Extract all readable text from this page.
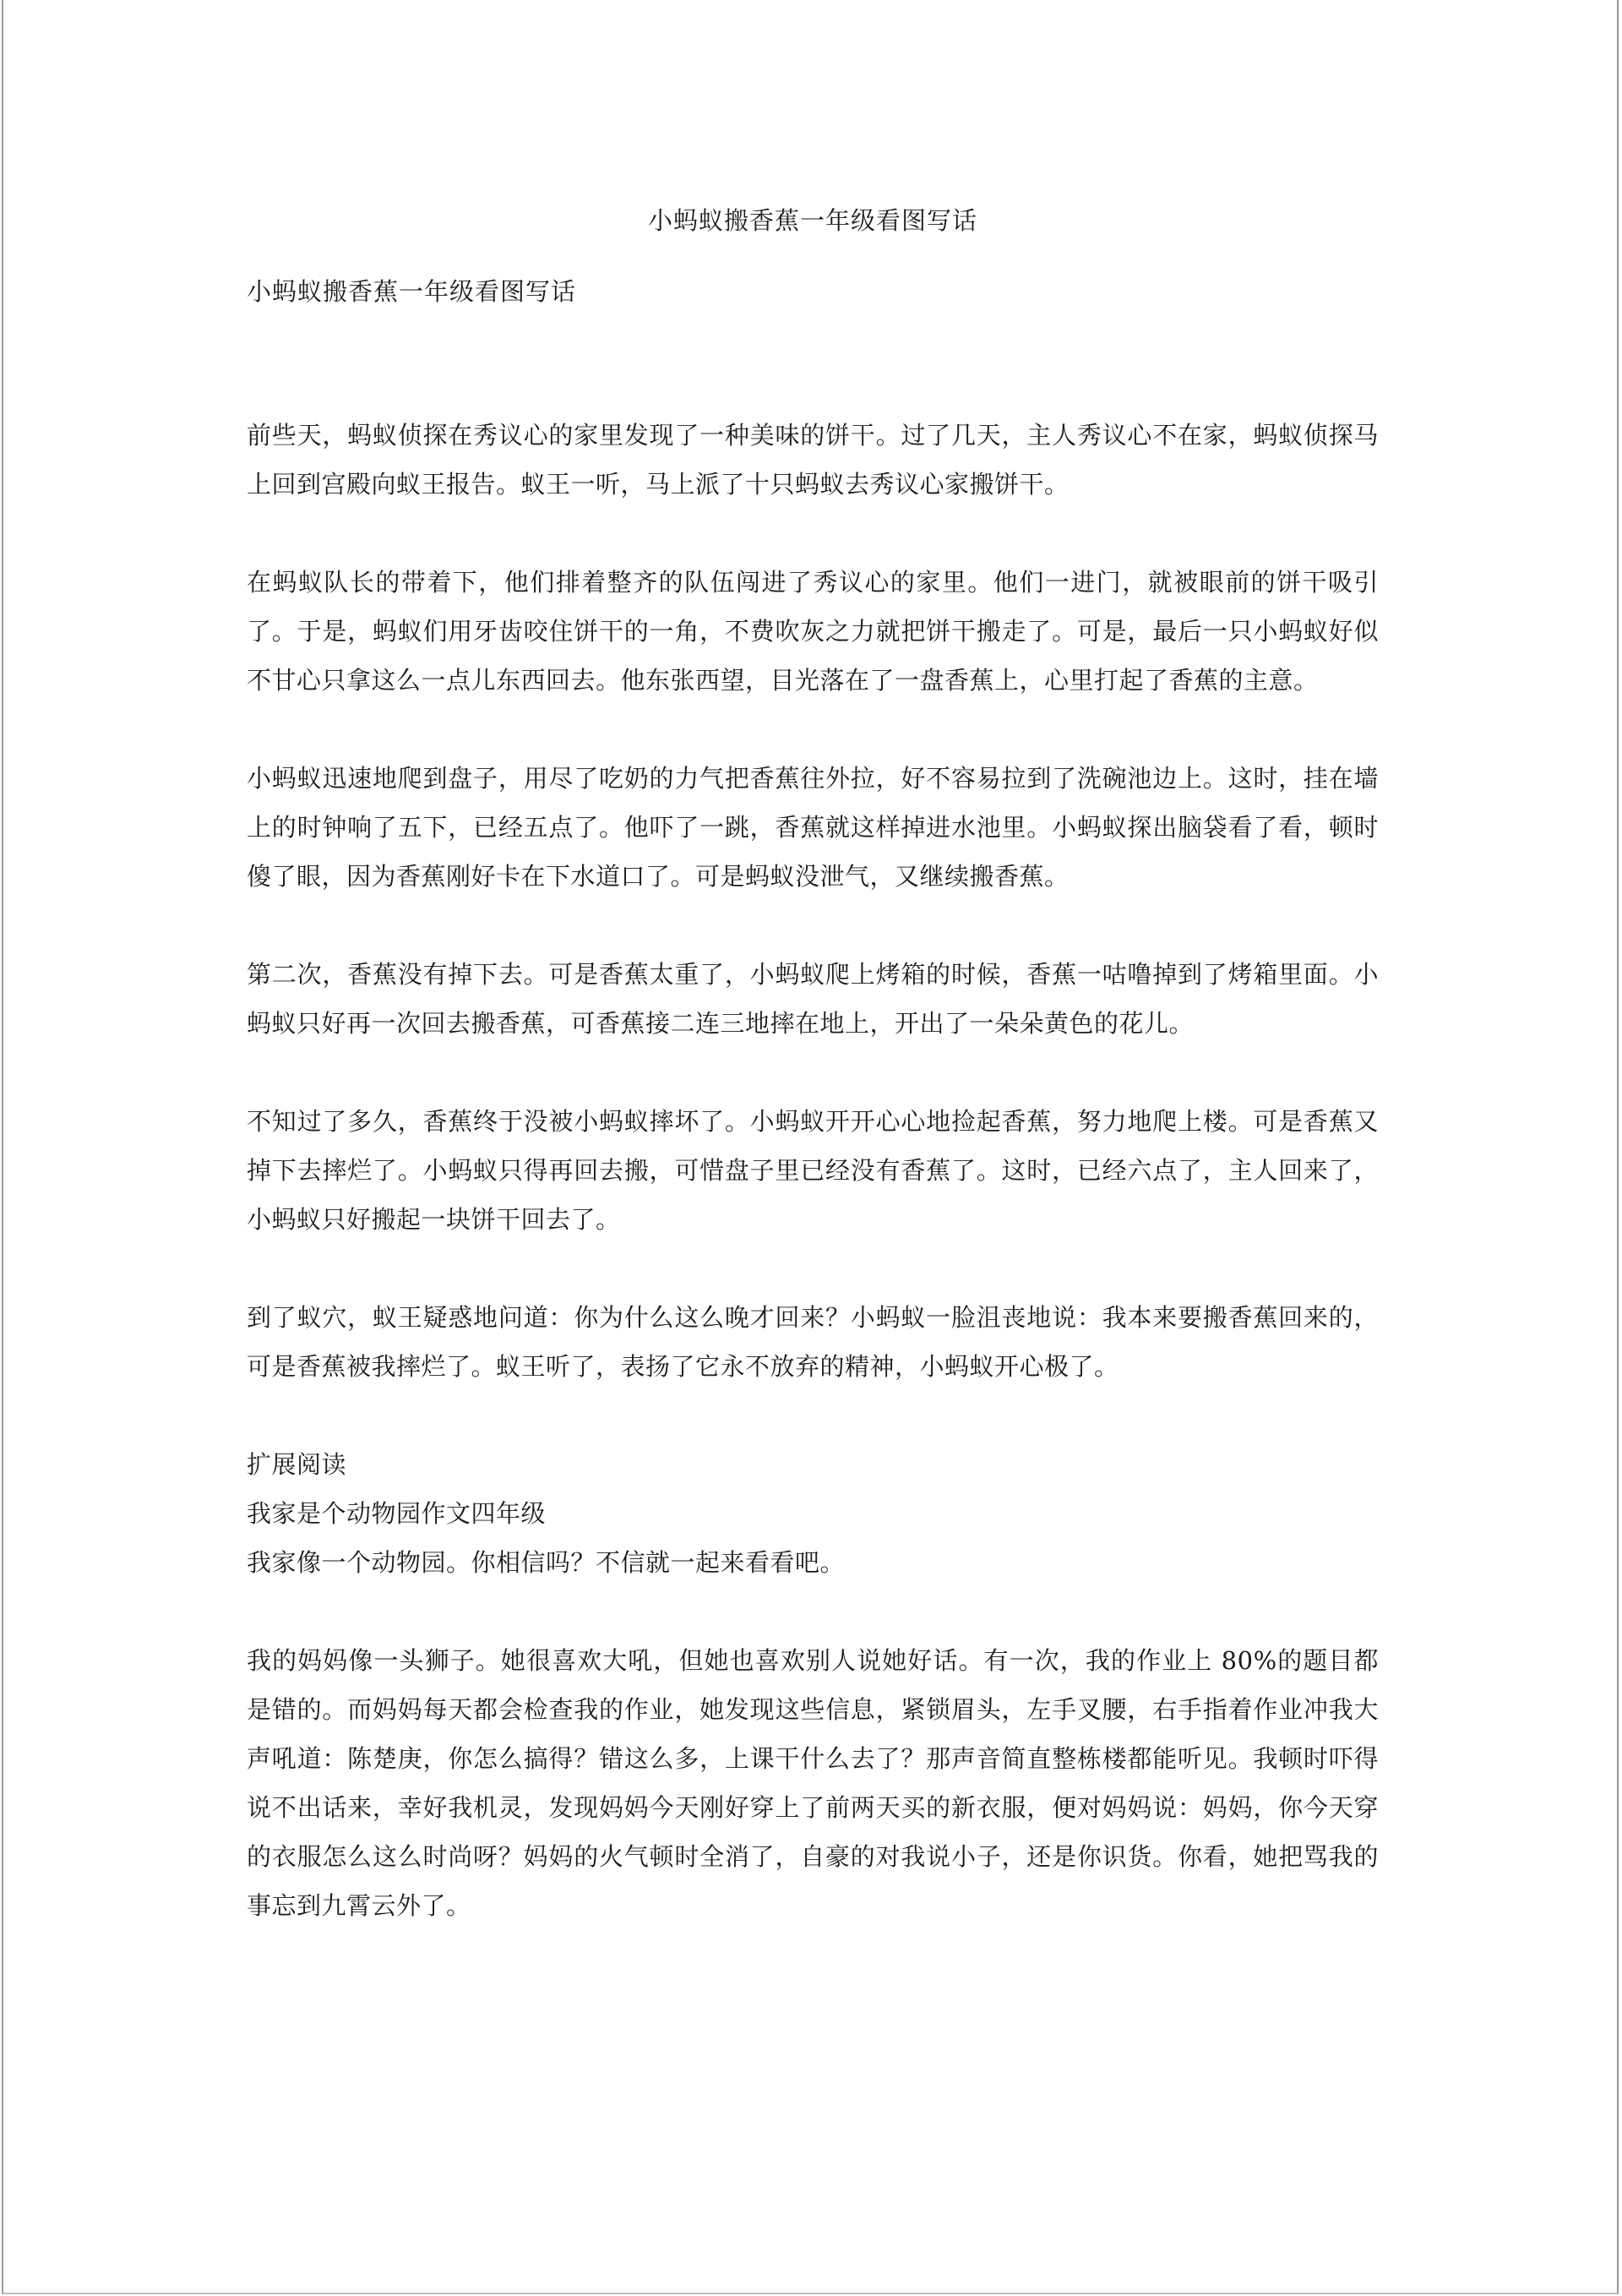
小蚂蚁搬香蕉一年级看图写话
小蚂蚁搬香蕉一年级看图写话

前些天，蚂蚁侦探在秀议心的家里发现了一种美味的饼干。过了几天，主人秀议心不在家，蚂蚁侦探马上回到宫殿向蚁王报告。蚁王一听，马上派了十只蚂蚁去秀议心家搬饼干。

在蚂蚁队长的带着下，他们排着整齐的队伍闯进了秀议心的家里。他们一进门，就被眼前的饼干吸引了。于是，蚂蚁们用牙齿咬住饼干的一角，不费吹灰之力就把饼干搬走了。可是，最后一只小蚂蚁好似不甘心只拿这么一点儿东西回去。他东张西望，目光落在了一盘香蕉上，心里打起了香蕉的主意。

小蚂蚁迅速地爬到盘子，用尽了吃奶的力气把香蕉往外拉，好不容易拉到了洗碗池边上。这时，挂在墙上的时钟响了五下，已经五点了。他吓了一跳，香蕉就这样掉进水池里。小蚂蚁探出脑袋看了看，顿时傻了眼，因为香蕉刚好卡在下水道口了。可是蚂蚁没泄气，又继续搬香蕉。

第二次，香蕉没有掉下去。可是香蕉太重了，小蚂蚁爬上烤箱的时候，香蕉一咕噜掉到了烤箱里面。小蚂蚁只好再一次回去搬香蕉，可香蕉接二连三地摔在地上，开出了一朵朵黄色的花儿。

不知过了多久，香蕉终于没被小蚂蚁摔坏了。小蚂蚁开开心心地捡起香蕉，努力地爬上楼。可是香蕉又掉下去摔烂了。小蚂蚁只得再回去搬，可惜盘子里已经没有香蕉了。这时，已经六点了，主人回来了，小蚂蚁只好搬起一块饼干回去了。

到了蚁穴，蚁王疑惑地问道：你为什么这么晚才回来？小蚂蚁一脸沮丧地说：我本来要搬香蕉回来的，可是香蕉被我摔烂了。蚁王听了，表扬了它永不放弃的精神，小蚂蚁开心极了。

扩展阅读

我家是个动物园作文四年级

我家像一个动物园。你相信吗？不信就一起来看看吧。

我的妈妈像一头狮子。她很喜欢大吼，但她也喜欢别人说她好话。有一次，我的作业上 80%的题目都是错的。而妈妈每天都会检查我的作业，她发现这些信息，紧锁眉头，左手叉腰，右手指着作业冲我大声吼道：陈楚庚，你怎么搞得？错这么多，上课干什么去了？那声音简直整栋楼都能听见。我顿时吓得说不出话来，幸好我机灵，发现妈妈今天刚好穿上了前两天买的新衣服，便对妈妈说：妈妈，你今天穿的衣服怎么这么时尚呀？妈妈的火气顿时全消了，自豪的对我说小子，还是你识货。你看，她把骂我的事忘到九霄云外了。
